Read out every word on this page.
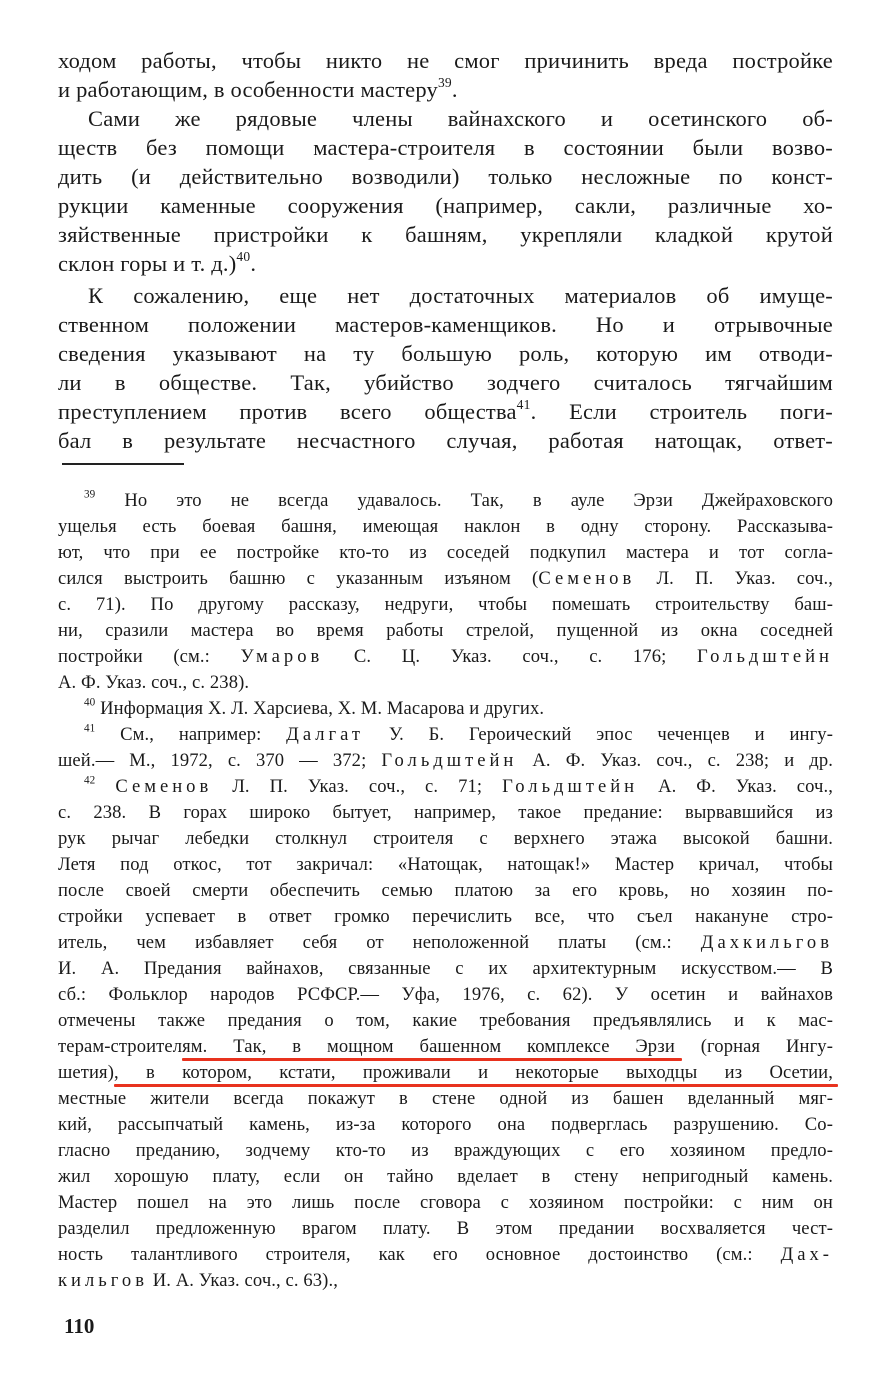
ходом работы, чтобы никто не смог причинить вреда постройке
и работающим, в особенности мастеру$^{39}$.
Сами же рядовые члены вайнахского и осетинского об-
ществ без помощи мастера-строителя в состоянии были возво-
дить (и действительно возводили) только несложные по конст-
рукции каменные сооружения (например, сакли, различные хо-
зяйственные пристройки к башням, укрепляли кладкой крутой
склон горы и т. д.)$^{40}$.
К сожалению, еще нет достаточных материалов об имуще-
ственном положении мастеров-каменщиков. Но и отрывочные
сведения указывают на ту большую роль, которую им отводи-
ли в обществе. Так, убийство зодчего считалось тягчайшим
преступлением против всего общества$^{41}$. Если строитель поги-
бал в результате несчастного случая, работая натощак, ответ-
$^{39}$ Но это не всегда удавалось. Так, в ауле Эрзи Джейраховского
ущелья есть боевая башня, имеющая наклон в одну сторону. Рассказыва-
ют, что при ее постройке кто-то из соседей подкупил мастера и тот согла-
сился выстроить башню с указанным изъяном (Семенов Л. П. Указ. соч.,
с. 71). По другому рассказу, недруги, чтобы помешать строительству баш-
ни, сразили мастера во время работы стрелой, пущенной из окна соседней
постройки (см.: Умаров С. Ц. Указ. соч., с. 176; Гольдштейн
А. Ф. Указ. соч., с. 238).
$^{40}$ Информация Х. Л. Харсиева, Х. М. Масарова и других.
$^{41}$ См., например: Далгат У. Б. Героический эпос чеченцев и ингу-
шей.— М., 1972, с. 370 — 372; Гольдштейн А. Ф. Указ. соч., с. 238; и др.
$^{42}$ Семенов Л. П. Указ. соч., с. 71; Гольдштейн А. Ф. Указ. соч.,
с. 238. В горах широко бытует, например, такое предание: вырвавшийся из
рук рычаг лебедки столкнул строителя с верхнего этажа высокой башни.
Летя под откос, тот закричал: «Натощак, натощак!» Мастер кричал, чтобы
после своей смерти обеспечить семью платою за его кровь, но хозяин по-
стройки успевает в ответ громко перечислить все, что съел накануне стро-
итель, чем избавляет себя от неположенной платы (см.: Дахкильгов
И. А. Предания вайнахов, связанные с их архитектурным искусством.— В
сб.: Фольклор народов РСФСР.— Уфа, 1976, с. 62). У осетин и вайнахов
отмечены также предания о том, какие требования предъявлялись и к мас-
терам-строителям. Так, в мощном башенном комплексе Эрзи (горная Ингу-
шетия), в котором, кстати, проживали и некоторые выходцы из Осетии,
местные жители всегда покажут в стене одной из башен вделанный мяг-
кий, рассыпчатый камень, из-за которого она подверглась разрушению. Со-
гласно преданию, зодчему кто-то из враждующих с его хозяином предло-
жил хорошую плату, если он тайно вделает в стену непригодный камень.
Мастер пошел на это лишь после сговора с хозяином постройки: с ним он
разделил предложенную врагом плату. В этом предании восхваляется чест-
ность талантливого строителя, как его основное достоинство (см.: Дах-
кильгов И. А. Указ. соч., с. 63).,
110
